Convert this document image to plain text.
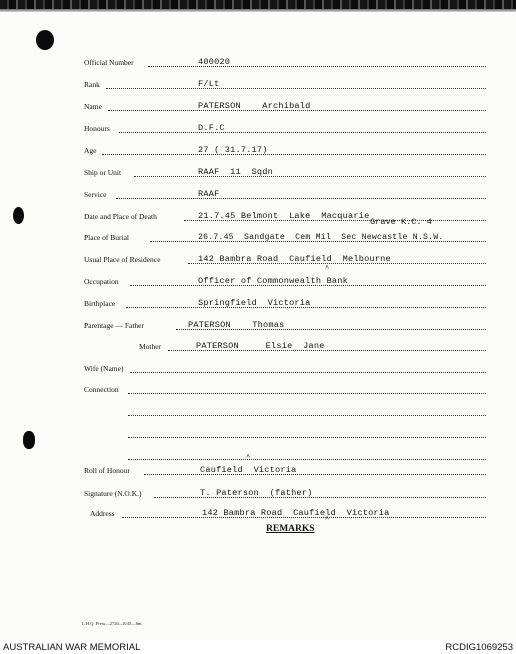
Official Number	400020
Rank	F/Lt
Name	PATERSON    Archibald
Honours	D.F.C
Age	27 ( 31.7.17)
Ship or Unit	RAAF  11  Sqdn
Service	RAAF
Date and Place of Death	21.7.45 Belmont  Lake  Macquarie
Grave K.C. 4
Place of Burial	26.7.45  Sandgate  Cem Mil  Sec Newcastle N.S.W.
Usual Place of Residence	142 Bambra Road  Caufield  Melbourne
^
Occupation	Officer of Commonwealth Bank
Birthplace	Springfield  Victoria
Parentage — Father	PATERSON    Thomas
Mother	PATERSON     Elsie  Jane
Wife (Name)
Connection
^
Roll of Honour	Caufield  Victoria
Signature (N.O.K.)	T. Paterson  (father)
Address	142 Bambra Road  Caufield  Victoria
^
REMARKS
L.H.Q. Press—2720—8/45—6m.
AUSTRALIAN WAR MEMORIAL	RCDIG1069253
